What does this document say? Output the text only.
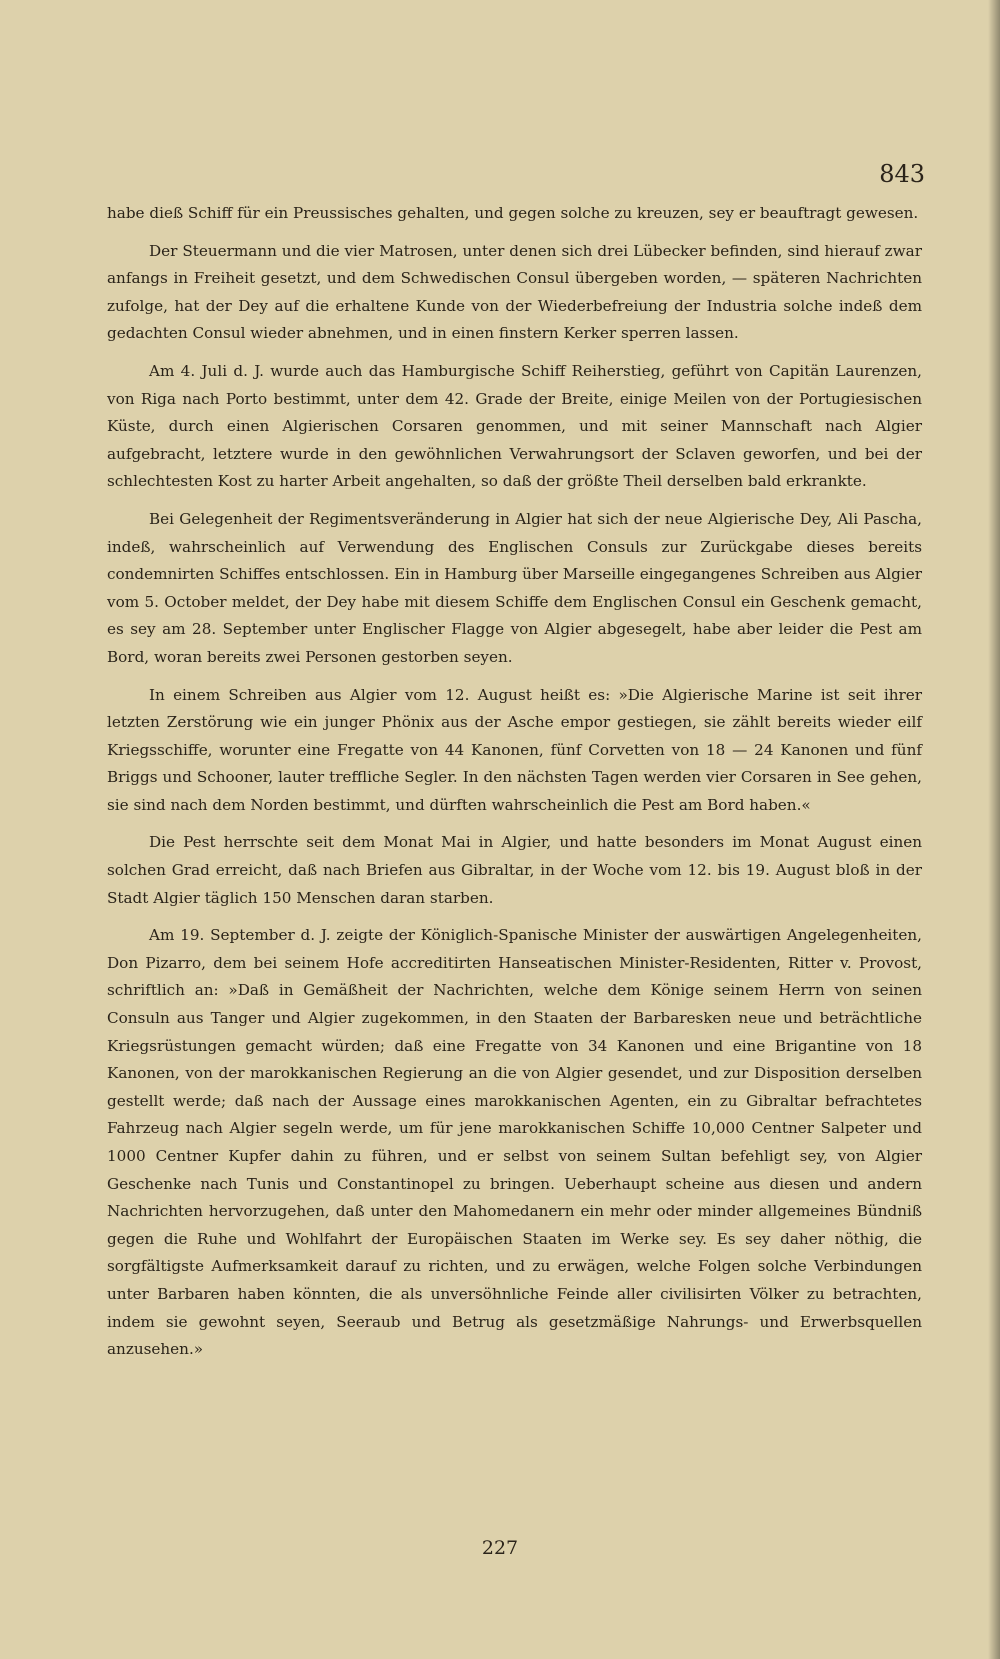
843

habe dieß Schiff für ein Preussisches gehalten, und gegen solche zu kreuzen, sey er beauftragt gewesen.

Der Steuermann und die vier Matrosen, unter denen sich drei Lübecker befinden, sind hierauf zwar anfangs in Freiheit gesetzt, und dem Schwedischen Consul übergeben worden, — späteren Nachrichten zufolge, hat der Dey auf die erhaltene Kunde von der Wiederbefreiung der Industria solche indeß dem gedachten Consul wieder abnehmen, und in einen finstern Kerker sperren lassen.

Am 4. Juli d. J. wurde auch das Hamburgische Schiff Reiherstieg, geführt von Capitän Laurenzen, von Riga nach Porto bestimmt, unter dem 42. Grade der Breite, einige Meilen von der Portugiesischen Küste, durch einen Algierischen Corsaren genommen, und mit seiner Mannschaft nach Algier aufgebracht, letztere wurde in den gewöhnlichen Verwahrungsort der Sclaven geworfen, und bei der schlechtesten Kost zu harter Arbeit angehalten, so daß der größte Theil derselben bald erkrankte.

Bei Gelegenheit der Regimentsveränderung in Algier hat sich der neue Algierische Dey, Ali Pascha, indeß, wahrscheinlich auf Verwendung des Englischen Consuls zur Zurückgabe dieses bereits condemnirten Schiffes entschlossen. Ein in Hamburg über Marseille eingegangenes Schreiben aus Algier vom 5. October meldet, der Dey habe mit diesem Schiffe dem Englischen Consul ein Geschenk gemacht, es sey am 28. September unter Englischer Flagge von Algier abgesegelt, habe aber leider die Pest am Bord, woran bereits zwei Personen gestorben seyen.

In einem Schreiben aus Algier vom 12. August heißt es: »Die Algierische Marine ist seit ihrer letzten Zerstörung wie ein junger Phönix aus der Asche empor gestiegen, sie zählt bereits wieder eilf Kriegsschiffe, worunter eine Fregatte von 44 Kanonen, fünf Corvetten von 18 — 24 Kanonen und fünf Briggs und Schooner, lauter treffliche Segler. In den nächsten Tagen werden vier Corsaren in See gehen, sie sind nach dem Norden bestimmt, und dürften wahrscheinlich die Pest am Bord haben.«

Die Pest herrschte seit dem Monat Mai in Algier, und hatte besonders im Monat August einen solchen Grad erreicht, daß nach Briefen aus Gibraltar, in der Woche vom 12. bis 19. August bloß in der Stadt Algier täglich 150 Menschen daran starben.

Am 19. September d. J. zeigte der Königlich-Spanische Minister der auswärtigen Angelegenheiten, Don Pizarro, dem bei seinem Hofe accreditirten Hanseatischen Minister-Residenten, Ritter v. Provost, schriftlich an: »Daß in Gemäßheit der Nachrichten, welche dem Könige seinem Herrn von seinen Consuln aus Tanger und Algier zugekommen, in den Staaten der Barbaresken neue und beträchtliche Kriegsrüstungen gemacht würden; daß eine Fregatte von 34 Kanonen und eine Brigantine von 18 Kanonen, von der marokkanischen Regierung an die von Algier gesendet, und zur Disposition derselben gestellt werde; daß nach der Aussage eines marokkanischen Agenten, ein zu Gibraltar befrachtetes Fahrzeug nach Algier segeln werde, um für jene marokkanischen Schiffe 10,000 Centner Salpeter und 1000 Centner Kupfer dahin zu führen, und er selbst von seinem Sultan befehligt sey, von Algier Geschenke nach Tunis und Constantinopel zu bringen. Ueberhaupt scheine aus diesen und andern Nachrichten hervorzugehen, daß unter den Mahomedanern ein mehr oder minder allgemeines Bündniß gegen die Ruhe und Wohlfahrt der Europäischen Staaten im Werke sey. Es sey daher nöthig, die sorgfältigste Aufmerksamkeit darauf zu richten, und zu erwägen, welche Folgen solche Verbindungen unter Barbaren haben könnten, die als unversöhnliche Feinde aller civilisirten Völker zu betrachten, indem sie gewohnt seyen, Seeraub und Betrug als gesetzmäßige Nahrungs- und Erwerbsquellen anzusehen.»

227
